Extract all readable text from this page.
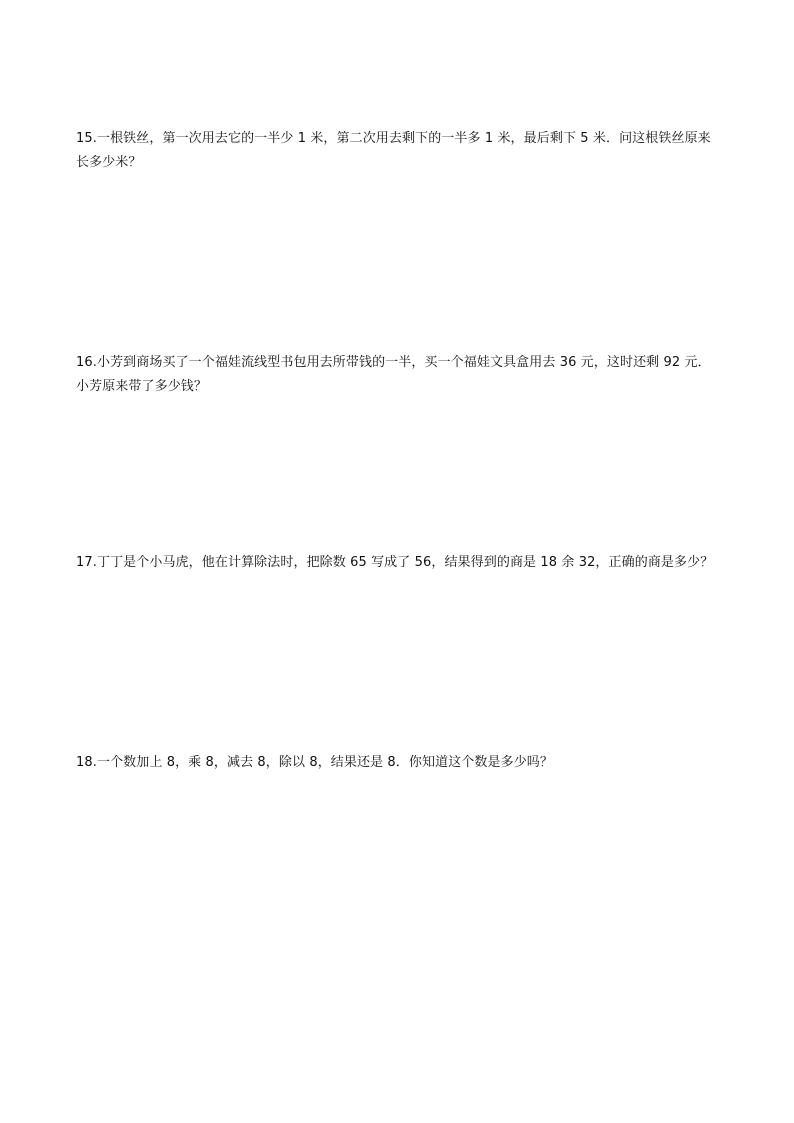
15.一根铁丝，第一次用去它的一半少 1 米，第二次用去剩下的一半多 1 米，最后剩下 5 米．问这根铁丝原来长多少米？
16.小芳到商场买了一个福娃流线型书包用去所带钱的一半，买一个福娃文具盒用去 36 元，这时还剩 92 元．小芳原来带了多少钱？
17.丁丁是个小马虎，他在计算除法时，把除数 65 写成了 56，结果得到的商是 18 余 32，正确的商是多少？
18.一个数加上 8，乘 8，减去 8，除以 8，结果还是 8．你知道这个数是多少吗？
